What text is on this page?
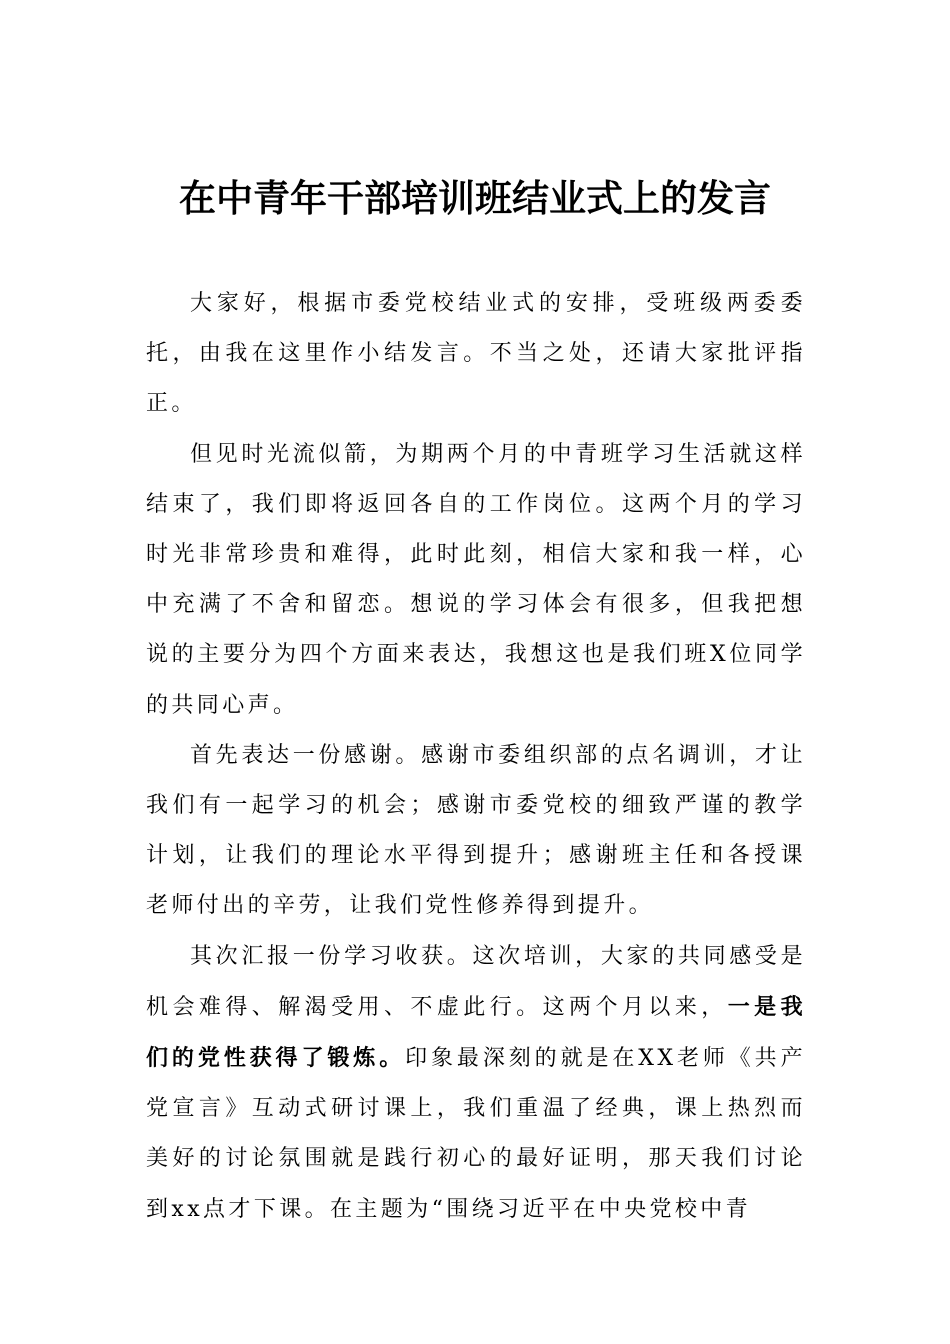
在中青年干部培训班结业式上的发言

大家好，根据市委党校结业式的安排，受班级两委委托，由我在这里作小结发言。不当之处，还请大家批评指正。

但见时光流似箭，为期两个月的中青班学习生活就这样结束了，我们即将返回各自的工作岗位。这两个月的学习时光非常珍贵和难得，此时此刻，相信大家和我一样，心中充满了不舍和留恋。想说的学习体会有很多，但我把想说的主要分为四个方面来表达，我想这也是我们班X位同学的共同心声。

首先表达一份感谢。感谢市委组织部的点名调训，才让我们有一起学习的机会；感谢市委党校的细致严谨的教学计划，让我们的理论水平得到提升；感谢班主任和各授课老师付出的辛劳，让我们党性修养得到提升。

其次汇报一份学习收获。这次培训，大家的共同感受是机会难得、解渴受用、不虚此行。这两个月以来，一是我们的党性获得了锻炼。印象最深刻的就是在XX老师《共产党宣言》互动式研讨课上，我们重温了经典，课上热烈而美好的讨论氛围就是践行初心的最好证明，那天我们讨论到xx点才下课。在主题为“围绕习近平在中央党校中青
